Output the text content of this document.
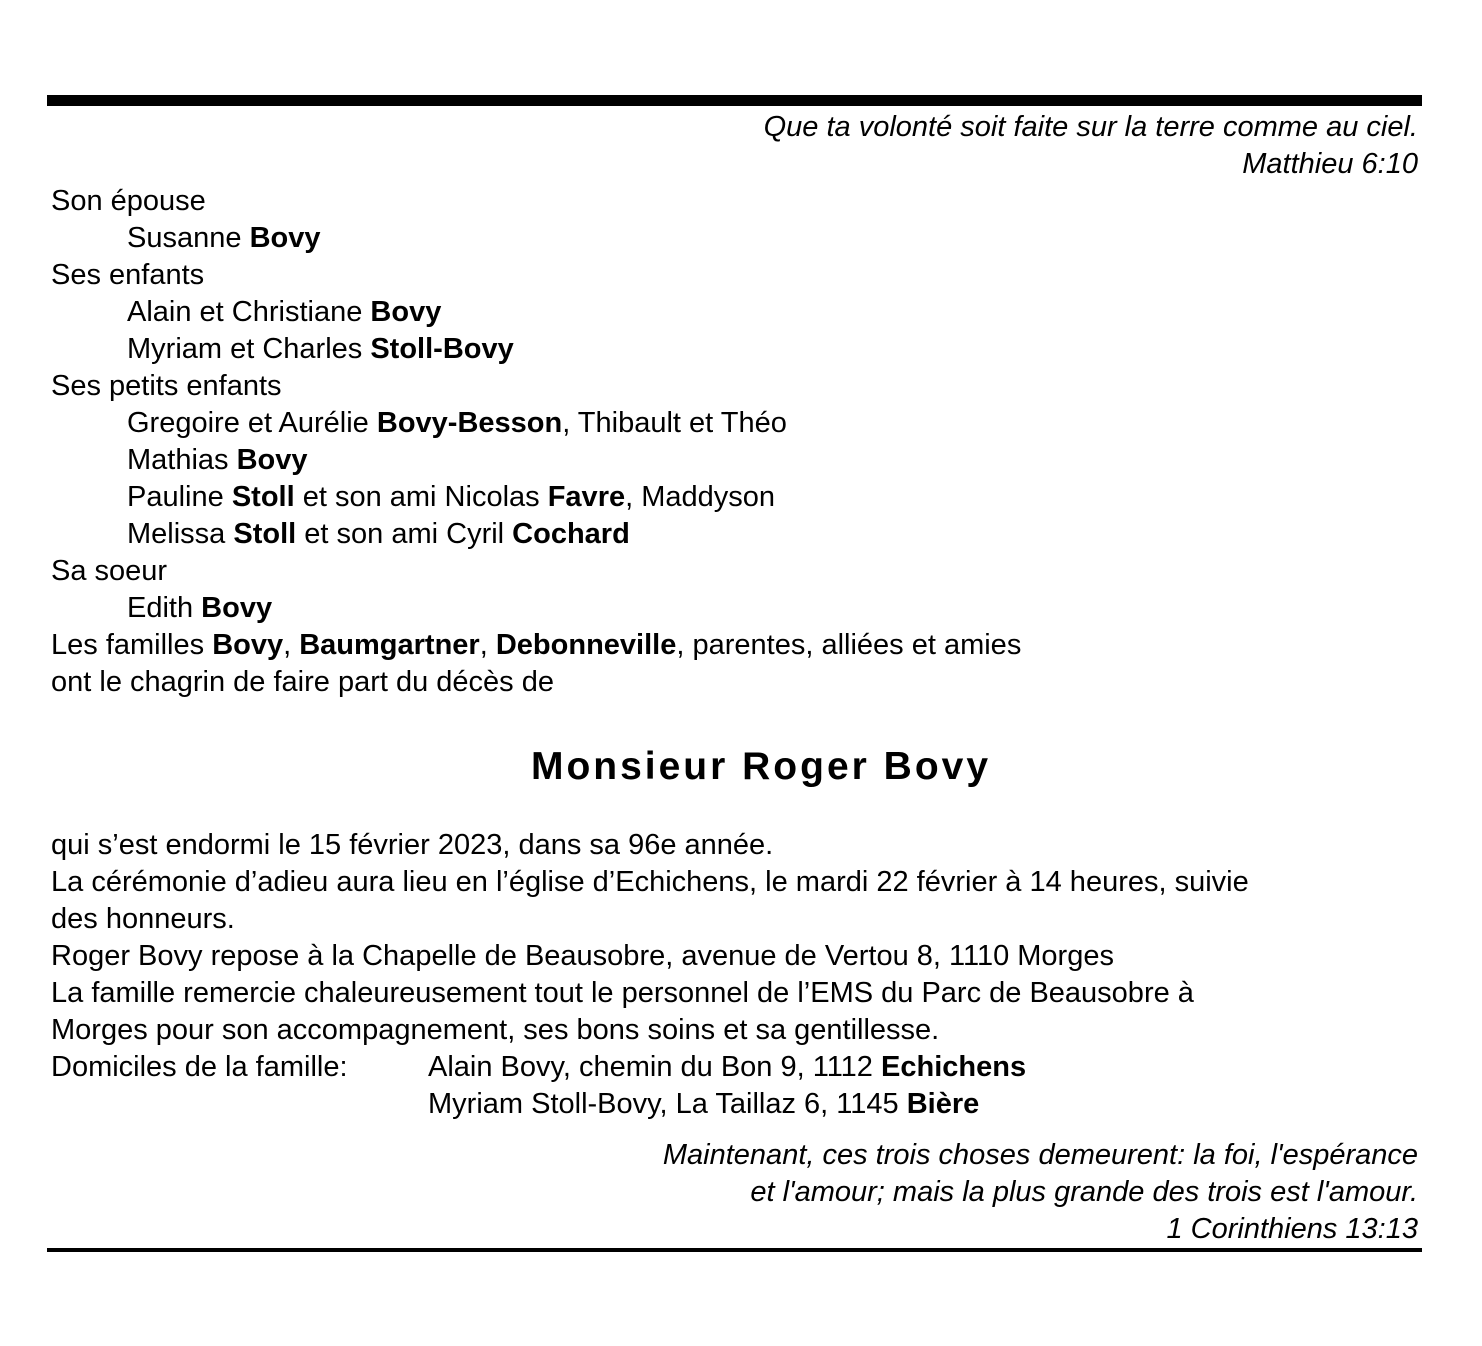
Que ta volonté soit faite sur la terre comme au ciel.
Matthieu 6:10
Son épouse
Susanne Bovy
Ses enfants
Alain et Christiane Bovy
Myriam et Charles Stoll-Bovy
Ses petits enfants
Gregoire et Aurélie Bovy-Besson, Thibault et Théo
Mathias Bovy
Pauline Stoll et son ami Nicolas Favre, Maddyson
Melissa Stoll et son ami Cyril Cochard
Sa soeur
Edith Bovy
Les familles Bovy, Baumgartner, Debonneville, parentes, alliées et amies
ont le chagrin de faire part du décès de
Monsieur Roger Bovy
qui s’est endormi le 15 février 2023, dans sa 96e année.
La cérémonie d’adieu aura lieu en l’église d’Echichens, le mardi 22 février à 14 heures, suivie
des honneurs.
Roger Bovy repose à la Chapelle de Beausobre, avenue de Vertou 8, 1110 Morges
La famille remercie chaleureusement tout le personnel de l’EMS du Parc de Beausobre à
Morges pour son accompagnement, ses bons soins et sa gentillesse.
Domiciles de la famille:	Alain Bovy, chemin du Bon 9, 1112 Echichens
Myriam Stoll-Bovy, La Taillaz 6, 1145 Bière
Maintenant, ces trois choses demeurent: la foi, l'espérance
et l'amour; mais la plus grande des trois est l'amour.
1 Corinthiens 13:13
